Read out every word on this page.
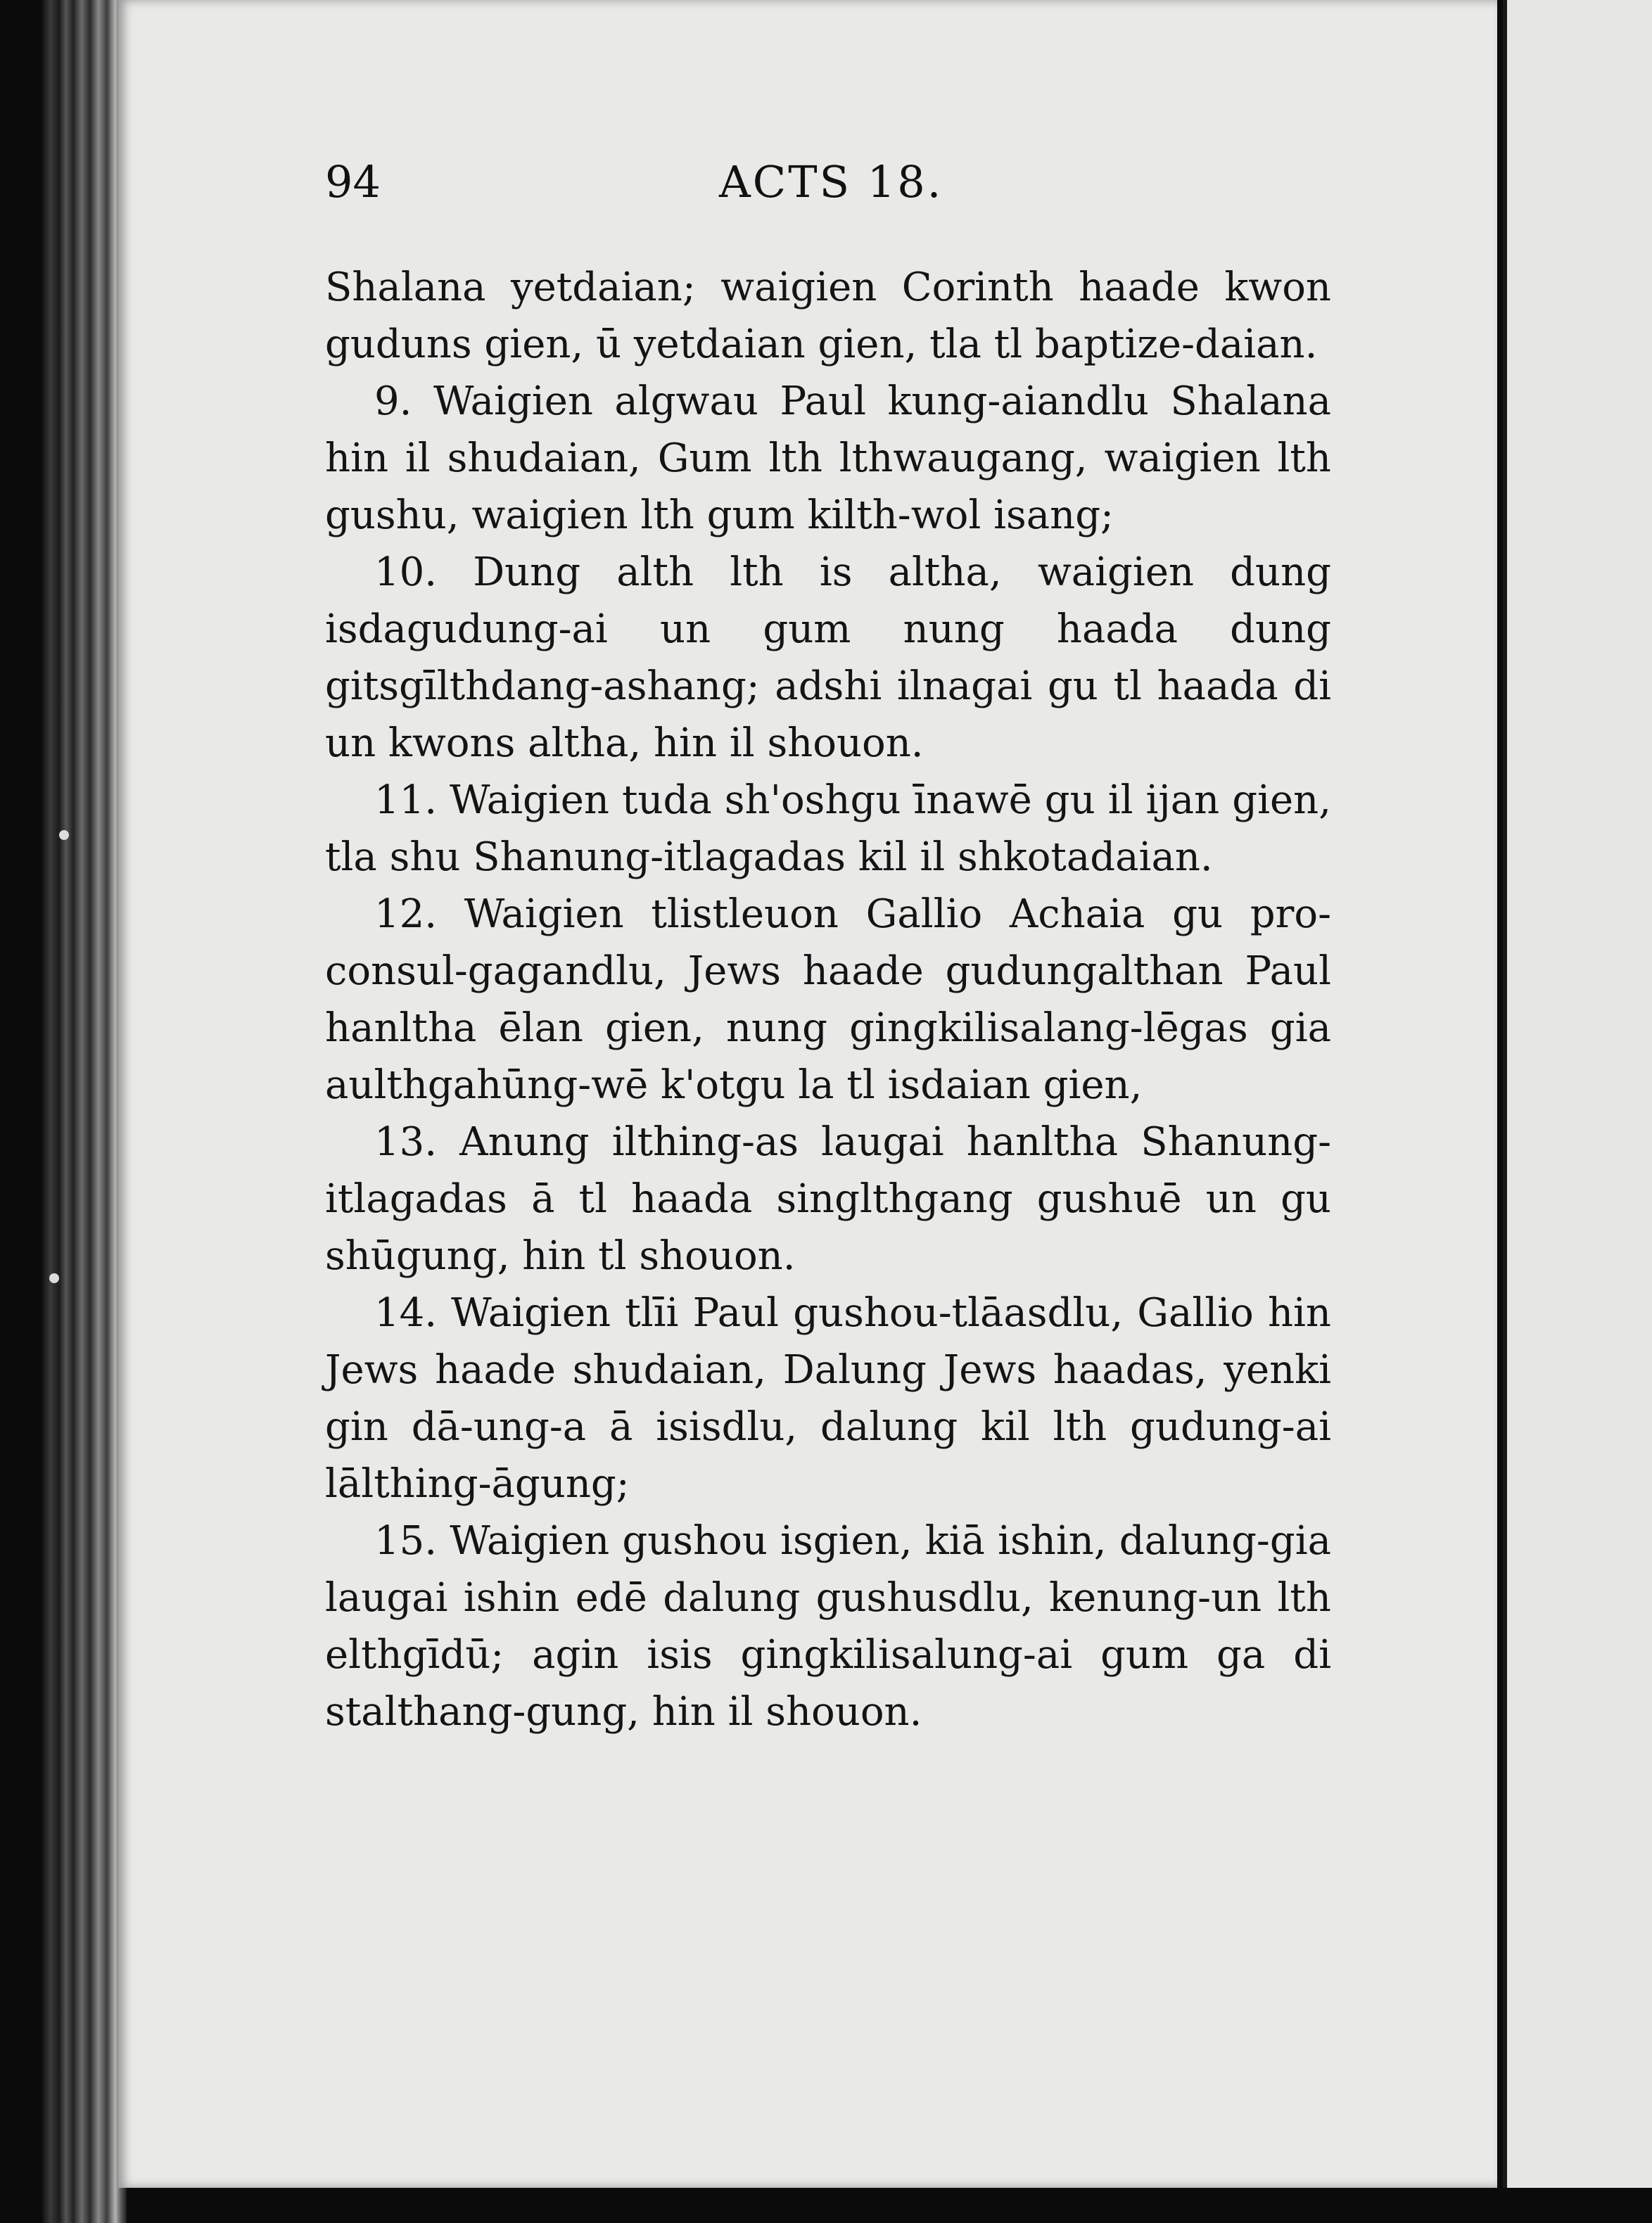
94	ACTS 18.

Shalana yetdaian; waigien Corinth haade kwon guduns gien, ū yetdaian gien, tla tl baptize-daian.

9. Waigien algwau Paul kung-aiandlu Shalana hin il shudaian, Gum lth lthwaugang, waigien lth gushu, waigien lth gum kilth-wol isang;

10. Dung alth lth is altha, waigien dung isdagudung-ai un gum nung haada dung gitsgīlthdang-ashang; adshi ilnagai gu tl haada di un kwons altha, hin il shouon.

11. Waigien tuda sh'oshgu īnawē gu il ijan gien, tla shu Shanung-itlagadas kil il shkotadaian.

12. Waigien tlistleuon Gallio Achaia gu pro-consul-gagandlu, Jews haade gudungalthan Paul hanltha ēlan gien, nung gingkilisalang-lēgas gia aulthgahūng-wē k'otgu la tl isdaian gien,

13. Anung ilthing-as laugai hanltha Shanung-itlagadas ā tl haada singlthgang gushuē un gu shūgung, hin tl shouon.

14. Waigien tlīi Paul gushou-tlāasdlu, Gallio hin Jews haade shudaian, Dalung Jews haadas, yenki gin dā-ung-a ā isisdlu, dalung kil lth gudung-ai lālthing-āgung;

15. Waigien gushou isgien, kiā ishin, dalung-gia laugai ishin edē dalung gushusdlu, kenung-un lth elthgīdū; agin isis gingkilisalung-ai gum ga di stalthang-gung, hin il shouon.
